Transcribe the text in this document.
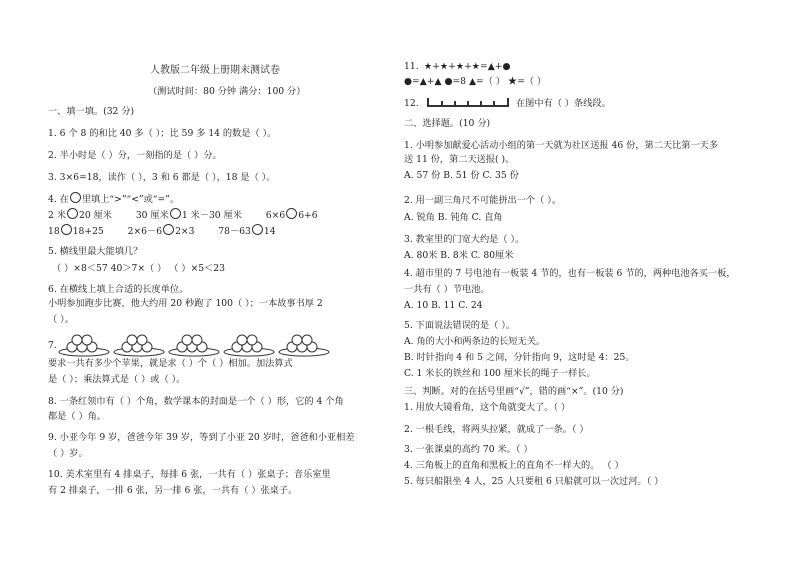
人教版二年级上册期末测试卷
（测试时间：80 分钟 满分：100 分）
一、填一填。(32 分)
1. 6 个 8 的和比 40 多（ ）；比 59 多 14 的数是（ ）。
2. 半小时是（ ）分，一刻指的是（ ）分。
3. 3×6=18，读作（ ），3 和 6 都是（ ），18 是（ ）。
4. 在 里填上“>”“<”或“=”。
2 米 20 厘米	30 厘米 1 米－30 厘米	6×6 6+6
18 18+25	2×6－6 2×3	78－63 14
5. 横线里最大能填几？
（ ）×8＜57 40＞7×（ ） （ ）×5＜23
6. 在横线上填上合适的长度单位。
小明参加跑步比赛，他大约用 20 秒跑了 100（ ）；一本故事书厚 2
（ ）。
7.
要求一共有多少个苹果，就是求（ ）个（ ）相加。加法算式
是（ ）；乘法算式是（ ）或（ ）。
8. 一条红领巾有（ ）个角，数学课本的封面是一个（ ）形，它的 4 个角
都是（ ）角。
9. 小亚今年 9 岁，爸爸今年 39 岁，等到了小亚 20 岁时，爸爸和小亚相差
（ ）岁。
10. 美术室里有 4 排桌子，每排 6 张，一共有（ ）张桌子；音乐室里
有 2 排桌子，一排 6 张，另一排 6 张，一共有（ ）张桌子。
11. ★+★+★+★=▲+●
●=▲+▲ ●=8 ▲=（ ） ★=（ ）
12.	在图中有（ ）条线段。
二、选择题。(10 分)
1. 小明参加献爱心活动小组的第一天就为社区送报 46 份，第二天比第一天多
送 11 份，第二天送报( )。
A. 57 份 B. 51 份 C. 35 份
2. 用一副三角尺不可能拼出一个（ ）。
A. 锐角 B. 钝角 C. 直角
3. 教室里的门宽大约是（ ）。
A. 80米 B. 8米 C. 80厘米
4. 超市里的 7 号电池有一板装 4 节的，也有一板装 6 节的，两种电池各买一板，
一共有（ ）节电池。
A. 10 B. 11 C. 24
5. 下面说法错误的是（ ）。
A. 角的大小和两条边的长短无关。
B. 时针指向 4 和 5 之间，分针指向 9，这时是 4：25。
C. 1 米长的铁丝和 100 厘米长的绳子一样长。
三、判断。对的在括号里画“√”，错的画“×”。(10 分)
1. 用放大镜看角，这个角就变大了。（ ）
2. 一根毛线，将两头拉紧，就成了一条。（ ）
3. 一张课桌的高约 70 米。（ ）
4. 三角板上的直角和黑板上的直角不一样大的。 （ ）
5. 每只船限坐 4 人，25 人只要租 6 只船就可以一次过河。（ ）
